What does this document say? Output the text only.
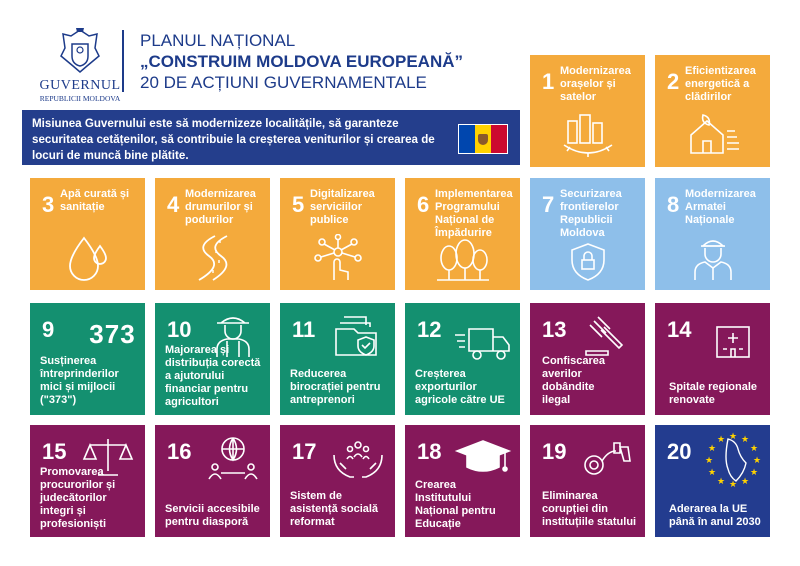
GUVERNUL
REPUBLICII MOLDOVA
PLANUL NAȚIONAL
„CONSTRUIM MOLDOVA EUROPEANĂ”
20 DE ACȚIUNI GUVERNAMENTALE
Misiunea Guvernului este să modernizeze localitățile, să garanteze securitatea cetățenilor, să contribuie la creșterea veniturilor și crearea de locuri de muncă bine plătite.
1 Modernizarea orașelor și satelor
2 Eficientizarea energetică a clădirilor
3 Apă curată și sanitație	4 Modernizarea drumurilor și podurilor
5 Digitalizarea serviciilor publice
6 Implementarea Programului Național de Împădurire
7 Securizarea frontierelor Republicii Moldova
8 Modernizarea Armatei Naționale
9
Susținerea întreprinderilor mici și mijlocii ("373")
373 10
Majorarea și distribuția corectă a ajutorului financiar pentru agricultori
11
Reducerea birocrației pentru antreprenori
12
Creșterea exporturilor agricole către UE
13
Confiscarea averilor dobândite ilegal
14
Spitale regionale renovate
15
Promovarea procurorilor și judecătorilor integri și profesioniști
16
Servicii accesibile pentru diasporă
17
Sistem de asistență socială reformat
18
Crearea Institutului Național pentru Educație
19
Eliminarea corupției din instituțiile statului
20
Aderarea la UE până în anul 2030
★ ★
★
★
★
★
★
★
★
★
★
★
